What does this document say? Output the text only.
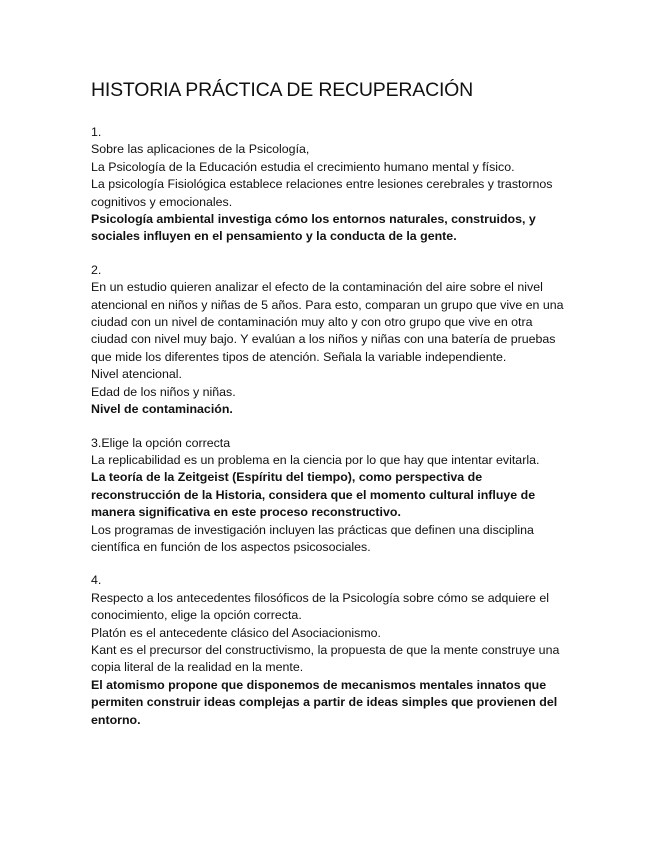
HISTORIA PRÁCTICA DE RECUPERACIÓN
1.
Sobre las aplicaciones de la Psicología,
La Psicología de la Educación estudia el crecimiento humano mental y físico.
La psicología Fisiológica establece relaciones entre lesiones cerebrales y trastornos cognitivos y emocionales.
Psicología ambiental investiga cómo los entornos naturales, construidos, y sociales influyen en el pensamiento y la conducta de la gente.
2.
En un estudio quieren analizar el efecto de la contaminación del aire sobre el nivel atencional en niños y niñas de 5 años. Para esto, comparan un grupo que vive en una ciudad con un nivel de contaminación muy alto y con otro grupo que vive en otra ciudad con nivel muy bajo. Y evalúan a los niños y niñas con una batería de pruebas que mide los diferentes tipos de atención. Señala la variable independiente.
Nivel atencional.
Edad de los niños y niñas.
Nivel de contaminación.
3.Elige la opción correcta
La replicabilidad es un problema en la ciencia por lo que hay que intentar evitarla.
La teoría de la Zeitgeist (Espíritu del tiempo), como perspectiva de reconstrucción de la Historia, considera que el momento cultural influye de manera significativa en este proceso reconstructivo.
Los programas de investigación incluyen las prácticas que definen una disciplina científica en función de los aspectos psicosociales.
4.
Respecto a los antecedentes filosóficos de la Psicología sobre cómo se adquiere el conocimiento, elige la opción correcta.
Platón es el antecedente clásico del Asociacionismo.
Kant es el precursor del constructivismo, la propuesta de que la mente construye una copia literal de la realidad en la mente.
El atomismo propone que disponemos de mecanismos mentales innatos que permiten construir ideas complejas a partir de ideas simples que provienen del entorno.
